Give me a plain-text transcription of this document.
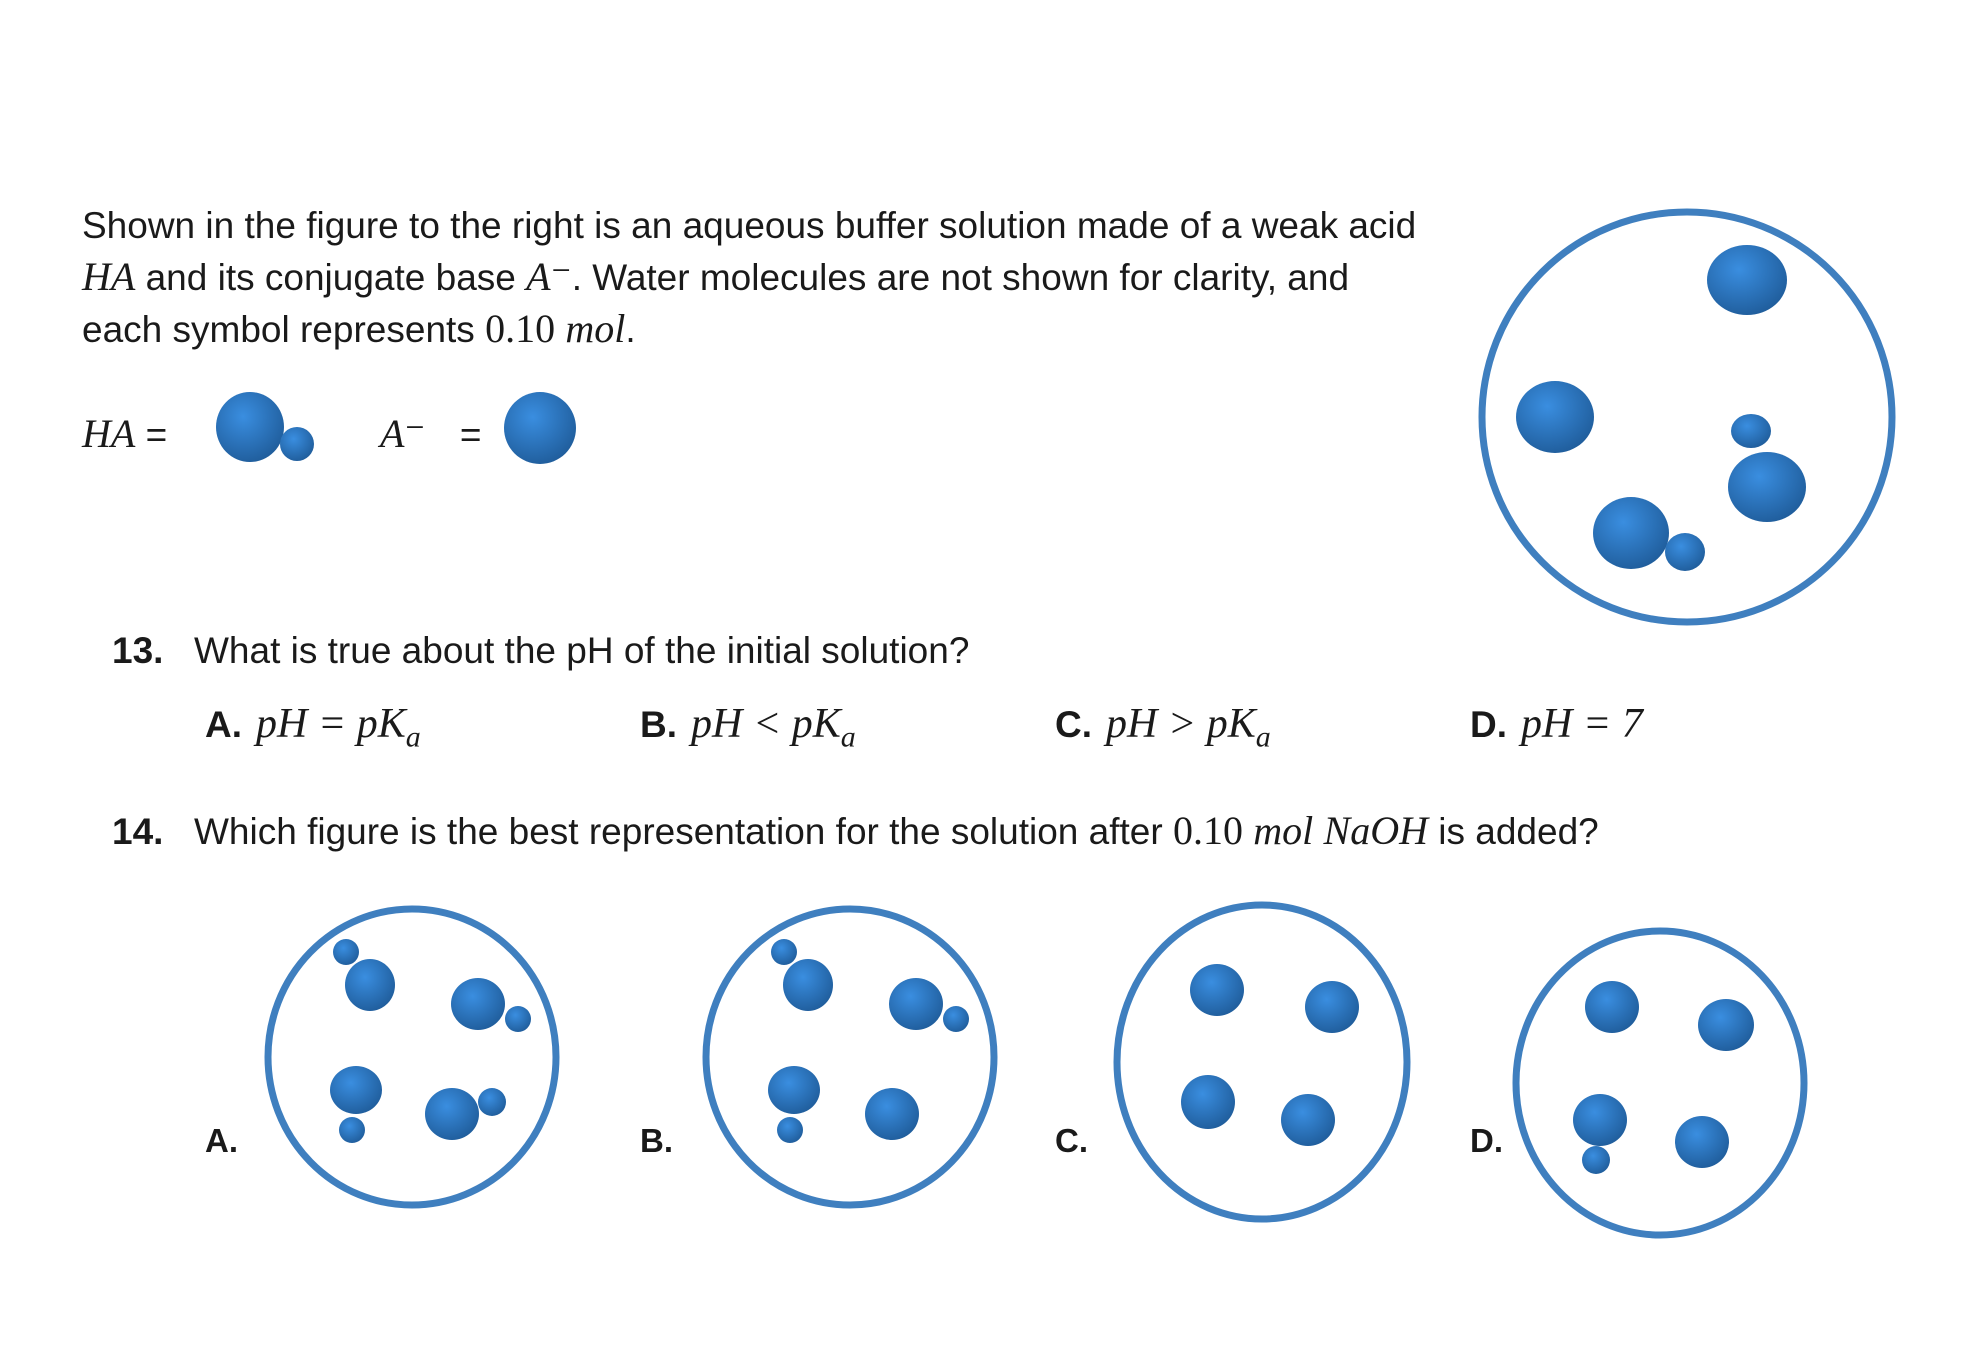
Shown in the figure to the right is an aqueous buffer solution made of a weak acid

HA and its conjugate base A⁻. Water molecules are not shown for clarity, and

each symbol represents 0.10 mol.

HA =	A⁻ =
13. What is true about the pH of the initial solution?
A. pH = $pK_a$	B. pH < $pK_a$	C. pH > $pK_a$	D. pH = 7
14. Which figure is the best representation for the solution after 0.10 mol NaOH is added?
A.	B.	C.	D.
